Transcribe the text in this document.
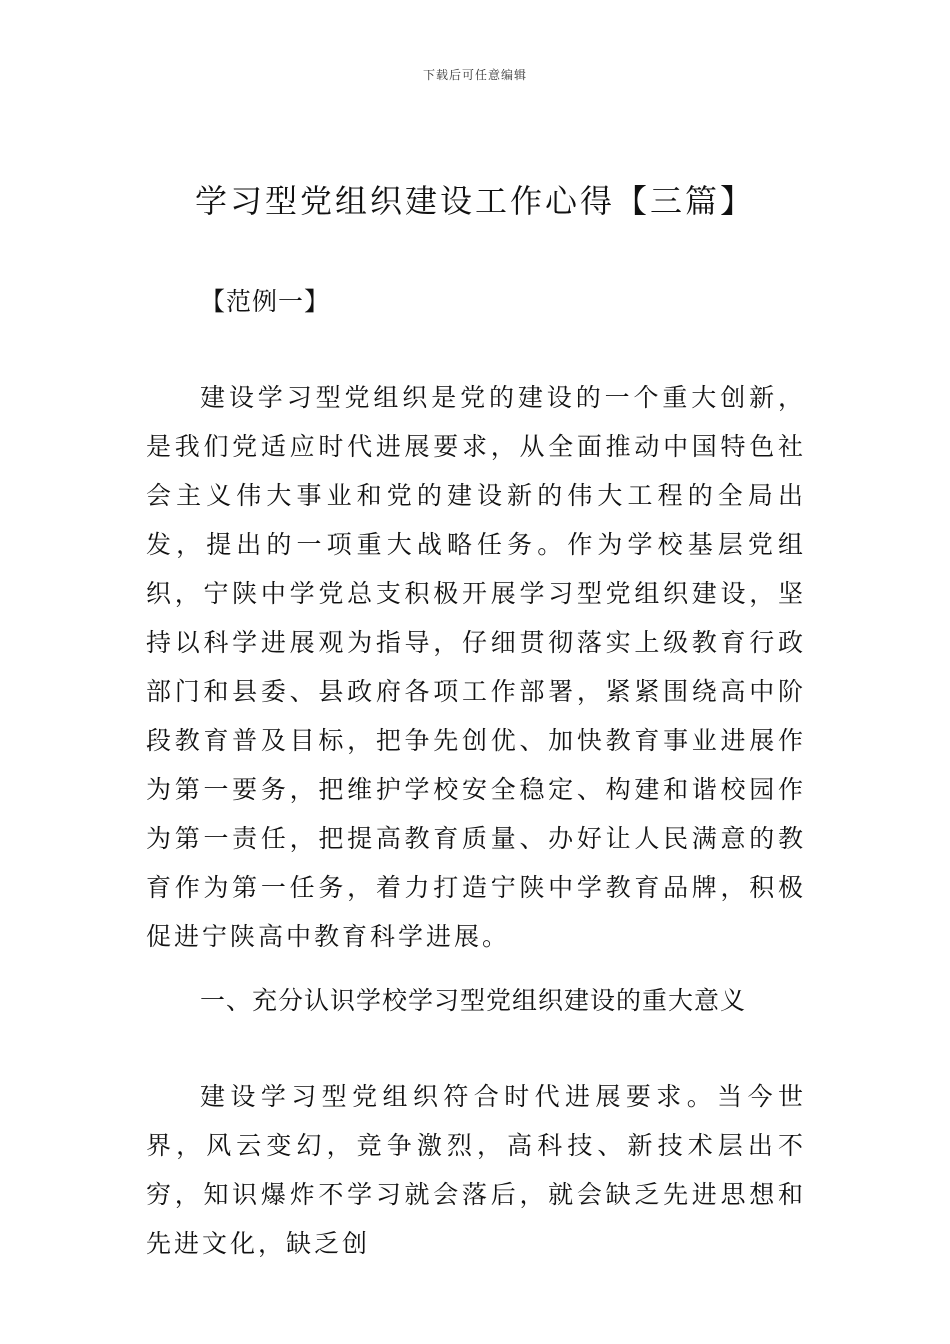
下载后可任意编辑
学习型党组织建设工作心得【三篇】
【范例一】

建设学习型党组织是党的建设的一个重大创新，是我们党适应时代进展要求，从全面推动中国特色社会主义伟大事业和党的建设新的伟大工程的全局出发，提出的一项重大战略任务。作为学校基层党组织，宁陕中学党总支积极开展学习型党组织建设，坚持以科学进展观为指导，仔细贯彻落实上级教育行政部门和县委、县政府各项工作部署，紧紧围绕高中阶段教育普及目标，把争先创优、加快教育事业进展作为第一要务，把维护学校安全稳定、构建和谐校园作为第一责任，把提高教育质量、办好让人民满意的教育作为第一任务，着力打造宁陕中学教育品牌，积极促进宁陕高中教育科学进展。

一、充分认识学校学习型党组织建设的重大意义

建设学习型党组织符合时代进展要求。当今世界，风云变幻，竞争激烈，高科技、新技术层出不穷，知识爆炸不学习就会落后，就会缺乏先进思想和先进文化，缺乏创
